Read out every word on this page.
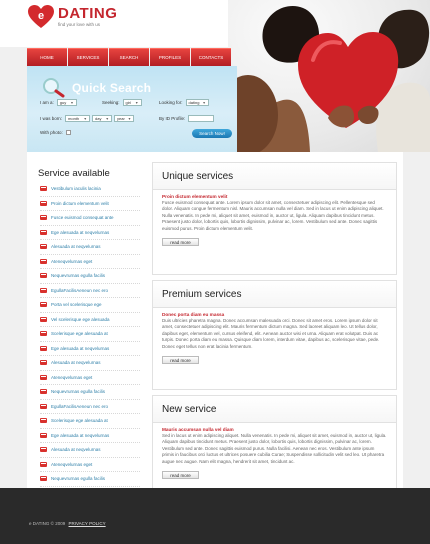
e DATING
find your love with us
HOME	SERVICES	SEARCH	PROFILES	CONTACTS
Quick Search
I am a: guy ▼	Seeking: girl ▼	Looking for: dating ▼
I was born: month ▼ day ▼ year ▼	By ID Profile:
With photo:	Search Now!
Service available
Vestibulum iaculis lacinia
Proin dictum elementum velit
Fusce euismod consequat ante
Ege alesuada at neqvelurnas
Alesuada at neqvelurnas
Ateneqvelurnas eget
Nequevrurnas egulla facilis
EgullaFacilisAeneun nec ero
Porta vel scelerisque ege
Vel scelerisque ege alesuada
Scelerisque ege alesuada at
Ege alesuada at neqvelurnas
Alesuada at neqvelurnas
Ateneqvelurnas eget
Nequevrurnas egulla facilis
EgullaFacilisAeneun nec ero
Scelerisque ege alesuada at
Ege alesuada at neqvelurnas
Alesuada at neqvelurnas
Ateneqvelurnas eget
Nequevrurnas egulla facilis
Unique services
Proin dictum elementum velit
Fusce euismod consequat ante. Lorem ipsum dolor sit amet, consectetuer adipiscing elit. Pellentesque sed dolor. Aliquam congue fermentum nisl. Mauris accumsan nulla vel diam. Sed in lacus ut enim adipiscing aliquet. Nulla venenatis. In pede mi, aliquet sit amet, euismod in, auctor ut, ligula. Aliquam dapibus tincidunt metus. Praesent justo dolor, lobortis quis, lobortis dignissim, pulvinar ac, lorem. Vestibulum sed ante. Donec sagittis euismod purus. Proin dictum elementum velit.
read more
Premium services
Donec porta diam eu massa
Duis ultricies pharetra magna. Donec accumsan malesuada orci. Donec sit amet eros. Lorem ipsum dolor sit amet, consectetuer adipiscing elit. Mauris fermentum dictum magna. Sed laoreet aliquam leo. Ut tellus dolor, dapibus eget, elementum vel, cursus eleifend, elit. Aenean auctor wisi et urna. Aliquam erat volutpat. Duis ac turpis. Donec porta diam eu massa. Quisque diam lorem, interdum vitae, dapibus ac, scelerisque vitae, pede. Donec eget tellus non erat lacinia fermentum.
read more
New service
Mauris accumsan nulla vel diam
Sed in lacus ut enim adipiscing aliquet. Nulla venenatis. In pede mi, aliquet sit amet, euismod in, auctor ut, ligula. Aliquam dapibus tincidunt metus. Praesent justo dolor, lobortis quis, lobortis dignissim, pulvinar ac, lorem. Vestibulum sed ante. Donec sagittis euismod purus. Nulla facilisi. Aenean nec eros. Vestibulum ante ipsum primis in faucibus orci luctus et ultrices posuere cubilia Curae; Suspendisse sollicitudin velit sed leo. Ut pharetra augue nec augue. Nam elit magna, hendrerit sit amet, tincidunt ac.
read more
e DATING © 2009 PRIVACY POLICY
